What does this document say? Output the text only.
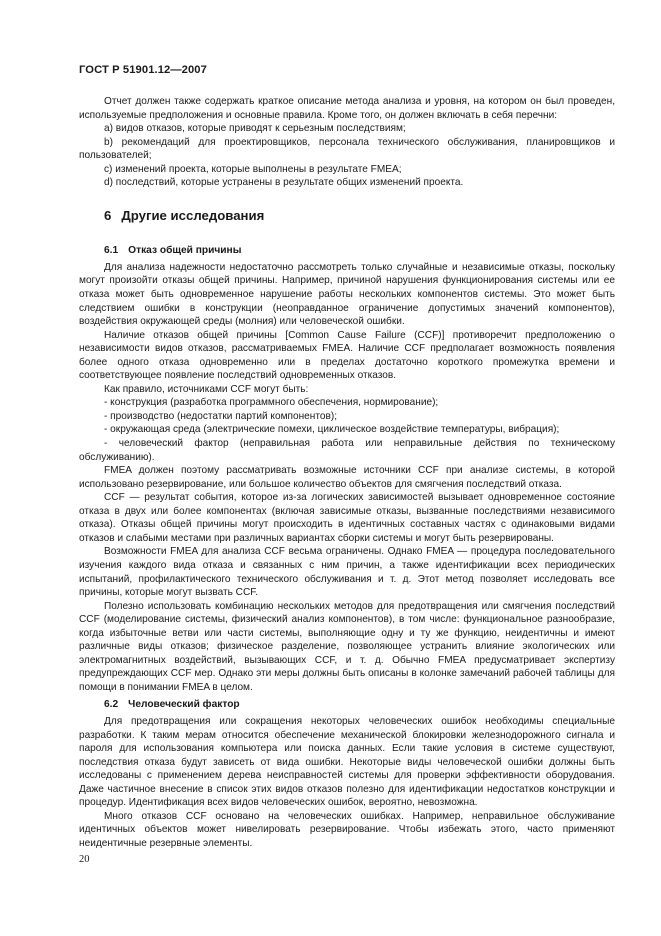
ГОСТ Р 51901.12—2007

Отчет должен также содержать краткое описание метода анализа и уровня, на котором он был проведен, используемые предположения и основные правила. Кроме того, он должен включать в себя перечни:

а) видов отказов, которые приводят к серьезным последствиям;

b) рекомендаций для проектировщиков, персонала технического обслуживания, планировщиков и пользователей;

с) изменений проекта, которые выполнены в результате FMEA;

d) последствий, которые устранены в результате общих изменений проекта.

6 Другие исследования
6.1 Отказ общей причины

Для анализа надежности недостаточно рассмотреть только случайные и независимые отказы, поскольку могут произойти отказы общей причины. Например, причиной нарушения функционирования системы или ее отказа может быть одновременное нарушение работы нескольких компонентов системы. Это может быть следствием ошибки в конструкции (неоправданное ограничение допустимых значений компонентов), воздействия окружающей среды (молния) или человеческой ошибки.

Наличие отказов общей причины [Common Cause Failure (CCF)] противоречит предположению о независимости видов отказов, рассматриваемых FMEA. Наличие CCF предполагает возможность появления более одного отказа одновременно или в пределах достаточно короткого промежутка времени и соответствующее появление последствий одновременных отказов.

Как правило, источниками CCF могут быть:

- конструкция (разработка программного обеспечения, нормирование);

- производство (недостатки партий компонентов);

- окружающая среда (электрические помехи, циклическое воздействие температуры, вибрация);

- человеческий фактор (неправильная работа или неправильные действия по техническому обслуживанию).

FMEA должен поэтому рассматривать возможные источники CCF при анализе системы, в которой использовано резервирование, или большое количество объектов для смягчения последствий отказа.

CCF — результат события, которое из-за логических зависимостей вызывает одновременное состояние отказа в двух или более компонентах (включая зависимые отказы, вызванные последствиями независимого отказа). Отказы общей причины могут происходить в идентичных составных частях с одинаковыми видами отказов и слабыми местами при различных вариантах сборки системы и могут быть резервированы.

Возможности FMEA для анализа CCF весьма ограничены. Однако FMEA — процедура последовательного изучения каждого вида отказа и связанных с ним причин, а также идентификации всех периодических испытаний, профилактического технического обслуживания и т. д. Этот метод позволяет исследовать все причины, которые могут вызвать CCF.

Полезно использовать комбинацию нескольких методов для предотвращения или смягчения последствий CCF (моделирование системы, физический анализ компонентов), в том числе: функциональное разнообразие, когда избыточные ветви или части системы, выполняющие одну и ту же функцию, неидентичны и имеют различные виды отказов; физическое разделение, позволяющее устранить влияние экологических или электромагнитных воздействий, вызывающих CCF, и т. д. Обычно FMEA предусматривает экспертизу предупреждающих CCF мер. Однако эти меры должны быть описаны в колонке замечаний рабочей таблицы для помощи в понимании FMEA в целом.

6.2 Человеческий фактор

Для предотвращения или сокращения некоторых человеческих ошибок необходимы специальные разработки. К таким мерам относится обеспечение механической блокировки железнодорожного сигнала и пароля для использования компьютера или поиска данных. Если такие условия в системе существуют, последствия отказа будут зависеть от вида ошибки. Некоторые виды человеческой ошибки должны быть исследованы с применением дерева неисправностей системы для проверки эффективности оборудования. Даже частичное внесение в список этих видов отказов полезно для идентификации недостатков конструкции и процедур. Идентификация всех видов человеческих ошибок, вероятно, невозможна.

Много отказов CCF основано на человеческих ошибках. Например, неправильное обслуживание идентичных объектов может нивелировать резервирование. Чтобы избежать этого, часто применяют неидентичные резервные элементы.

20
